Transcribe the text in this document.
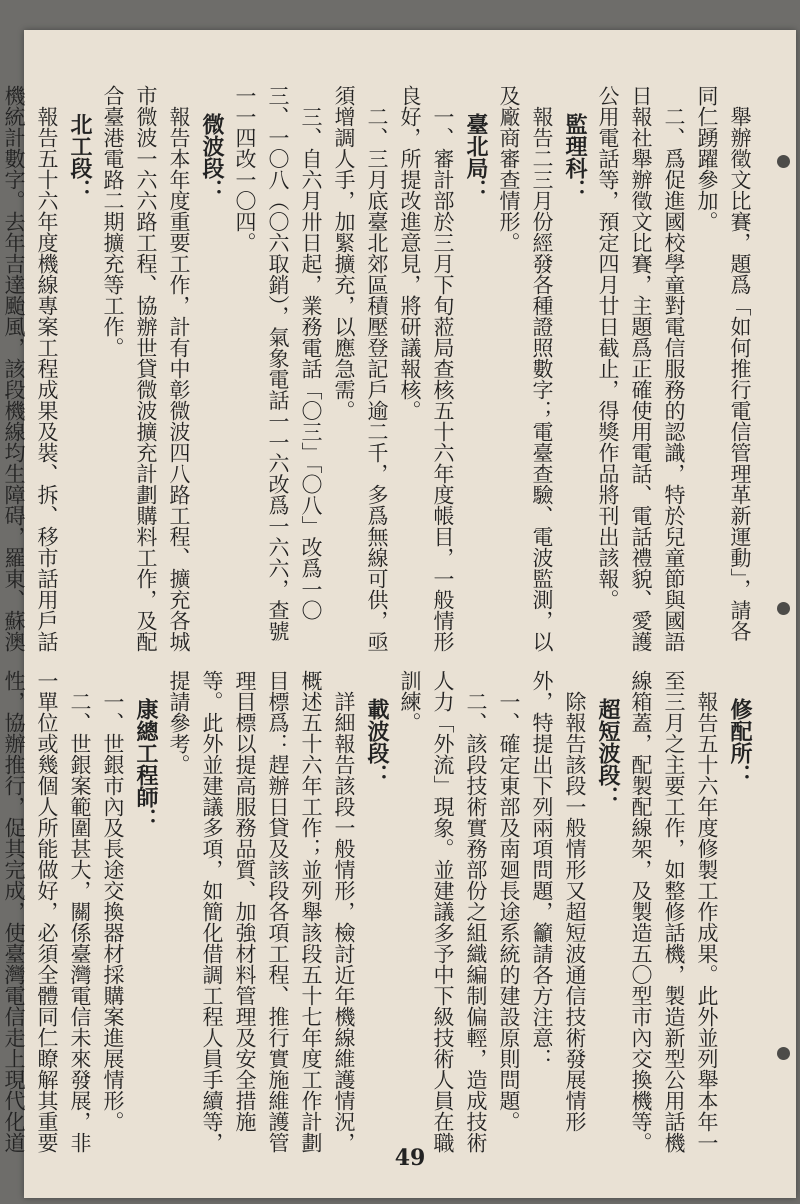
舉辦徵文比賽，題爲「如何推行電信管理革新運動」，請各同仁踴躍參加。

二、爲促進國校學童對電信服務的認識，特於兒童節與國語日報社舉辦徵文比賽，主題爲正確使用電話、電話禮貌、愛護公用電話等，預定四月廿日截止，得獎作品將刊出該報。

監理科：

報告二三月份經發各種證照數字；電臺查驗、電波監測，以及廠商審查情形。

臺北局：

一、審計部於三月下旬蒞局查核五十六年度帳目，一般情形良好，所提改進意見，將研議報核。

二、三月底臺北郊區積壓登記戶逾二千，多爲無線可供，亟須增調人手，加緊擴充，以應急需。

三、自六月卅日起，業務電話「〇三」「〇八」改爲一〇三、一〇八（〇六取銷），氣象電話一一六改爲一六六，查號一一四改一〇四。

微波段：

報告本年度重要工作，計有中彰微波四八路工程、擴充各城市微波一六六路工程、協辦世貸微波擴充計劃購料工作，及配合臺港電路二期擴充等工作。

北工段：

報告五十六年度機線專案工程成果及裝、拆、移市話用戶話機統計數字。去年吉達颱風，該段機線均生障碍，羅東、蘇澳

修配所：

報告五十六年度修製工作成果。此外並列舉本年一至三月之主要工作，如整修話機，製造新型公用話機線箱蓋，配製配線架，及製造五〇型市內交換機等。

超短波段：

除報告該段一般情形又超短波通信技術發展情形外，特提出下列兩項問題，籲請各方注意：

一、確定東部及南廻長途系統的建設原則問題。

二、該段技術實務部份之組織編制偏輕，造成技術人力「外流」現象。並建議多予中下級技術人員在職訓練。

載波段：

詳細報告該段一般情形，檢討近年機線維護情況，概述五十六年工作；並列舉該段五十七年度工作計劃目標爲：趕辦日貸及該段各項工程、推行實施維護管理目標以提高服務品質、加強材料管理及安全措施等。此外並建議多項，如簡化借調工程人員手續等，提請參考。

康總工程師：

一、世銀市內及長途交換器材採購案進展情形。

二、世銀案範圍甚大，關係臺灣電信未來發展，非一單位或幾個人所能做好，必須全體同仁瞭解其重要性，協辦推行，促其完成，使臺灣電信走上現代化道

49
